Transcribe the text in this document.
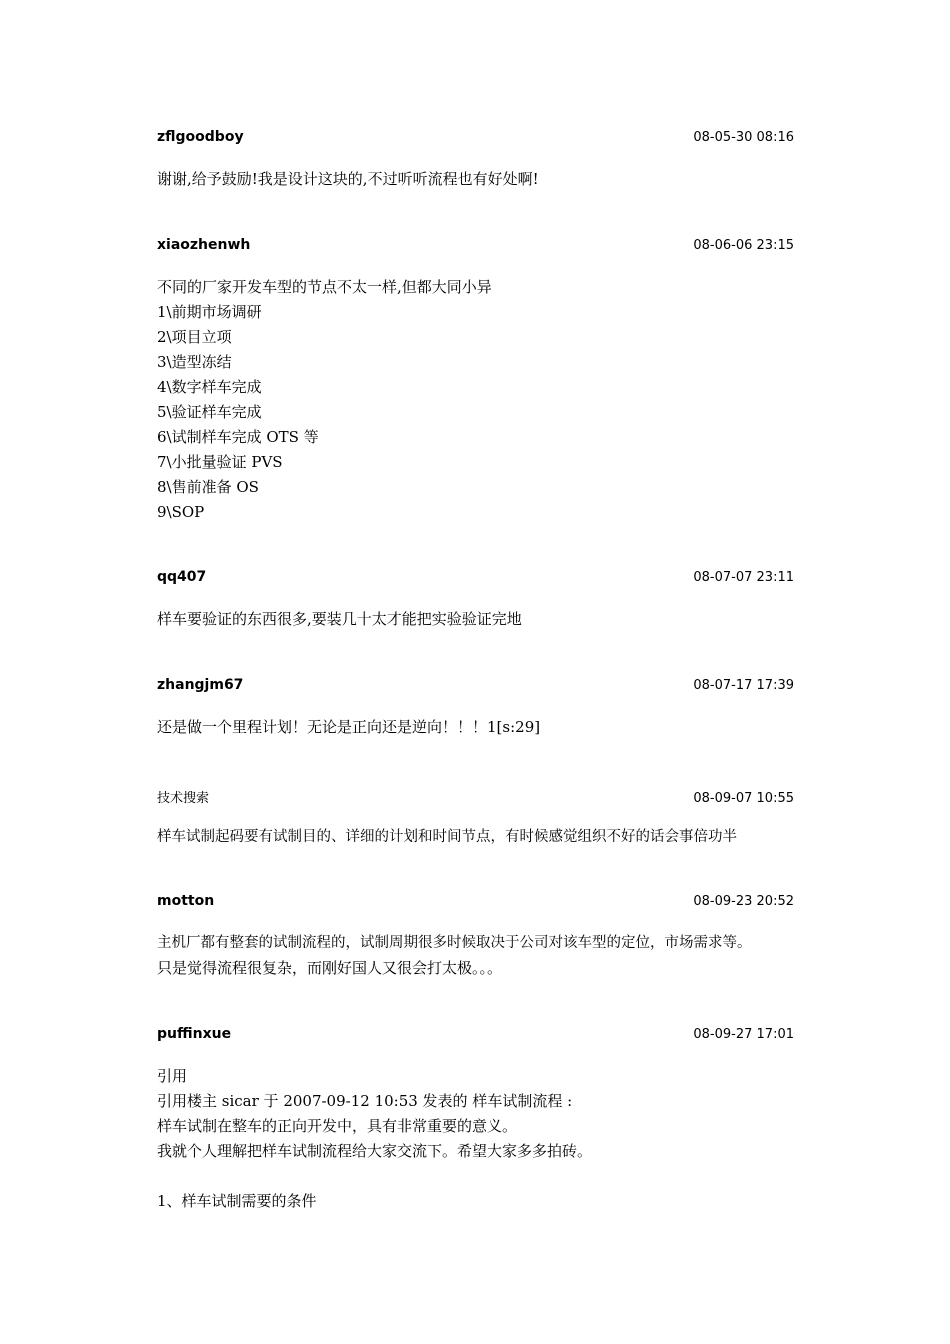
zflgoodboy	08-05-30 08:16
谢谢,给予鼓励!我是设计这块的,不过听听流程也有好处啊!
xiaozhenwh	08-06-06 23:15
不同的厂家开发车型的节点不太一样,但都大同小异
1\前期市场调研
2\项目立项
3\造型冻结
4\数字样车完成
5\验证样车完成
6\试制样车完成 OTS 等
7\小批量验证 PVS
8\售前准备 OS
9\SOP
qq407	08-07-07 23:11
样车要验证的东西很多,要装几十太才能把实验验证完地
zhangjm67	08-07-17 17:39
还是做一个里程计划！无论是正向还是逆向！！！1[s:29]
技术搜索	08-09-07 10:55
样车试制起码要有试制目的、详细的计划和时间节点，有时候感觉组织不好的话会事倍功半
motton	08-09-23 20:52
主机厂都有整套的试制流程的，试制周期很多时候取决于公司对该车型的定位，市场需求等。
只是觉得流程很复杂，而刚好国人又很会打太极。。。
puffinxue	08-09-27 17:01
引用
引用楼主 sicar 于 2007-09-12 10:53 发表的 样车试制流程 :
样车试制在整车的正向开发中，具有非常重要的意义。
我就个人理解把样车试制流程给大家交流下。希望大家多多拍砖。
1、样车试制需要的条件
